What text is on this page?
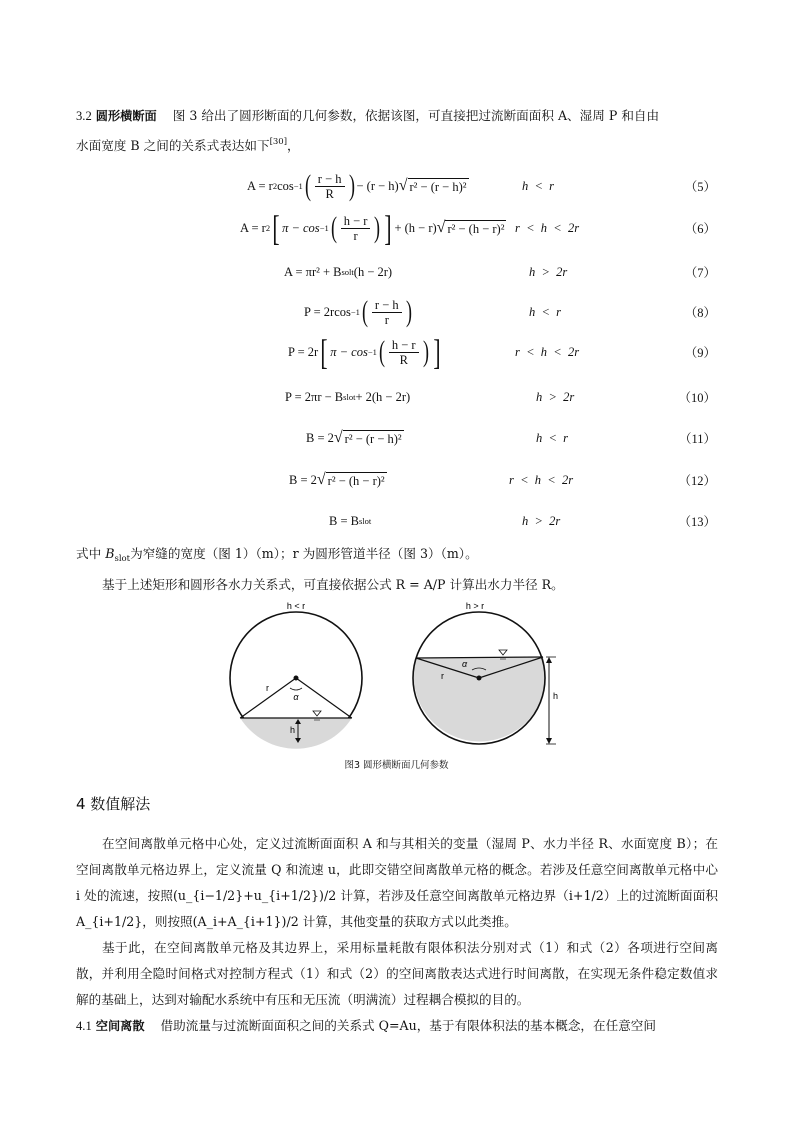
3.2 圆形横断面 图 3 给出了圆形断面的几何参数，依据该图，可直接把过流断面面积 A、湿周 P 和自由
水面宽度 B 之间的关系式表达如下[30]，
A = r 2 cos −1 ( $\frac{r - h}{R}$ ) − (r − h) √ r² − (r − h)²	h  <  r	（5）
A = r 2 [ π − cos −1 ( $\frac{h - r}{r}$ ) ] + (h − r) √ r² − (h − r)² r  <  h  <  2r	（6）
A = πr² + B solt (h − 2r)	h  >  2r	（7）
P = 2rcos −1 ( $\frac{r - h}{r}$ )	h  <  r	（8）
P = 2r [ π − cos −1 ( $\frac{h - r}{R}$ ) ]	r  <  h  <  2r	（9）
P = 2πr − B slot + 2(h − 2r)	h  >  2r	（10）
B = 2 √ r² − (r − h)²	h  <  r	（11）
B = 2 √ r² − (h − r)²	r  <  h  <  2r	（12）
B = B slot	h  >  2r	（13）
式中 $B_{slot}$为窄缝的宽度（图 1）（m）；r 为圆形管道半径（图 3）（m）。
基于上述矩形和圆形各水力关系式，可直接依据公式 R = A/P 计算出水力半径 R。
h < r
α
r
h
h > r
α
r
h
图3 圆形横断面几何参数
4 数值解法
在空间离散单元格中心处，定义过流断面面积 A 和与其相关的变量（湿周 P、水力半径 R、水面宽度 B）；在空间离散单元格边界上，定义流量 Q 和流速 u，此即交错空间离散单元格的概念。若涉及任意空间离散单元格中心 i 处的流速，按照(u_{i−1/2}+u_{i+1/2})/2 计算，若涉及任意空间离散单元格边界（i+1/2）上的过流断面面积 A_{i+1/2}，则按照(A_i+A_{i+1})/2 计算，其他变量的获取方式以此类推。
基于此，在空间离散单元格及其边界上，采用标量耗散有限体积法分别对式（1）和式（2）各项进行空间离散，并利用全隐时间格式对控制方程式（1）和式（2）的空间离散表达式进行时间离散，在实现无条件稳定数值求解的基础上，达到对输配水系统中有压和无压流（明满流）过程耦合模拟的目的。
4.1 空间离散 借助流量与过流断面面积之间的关系式 Q=Au，基于有限体积法的基本概念，在任意空间
